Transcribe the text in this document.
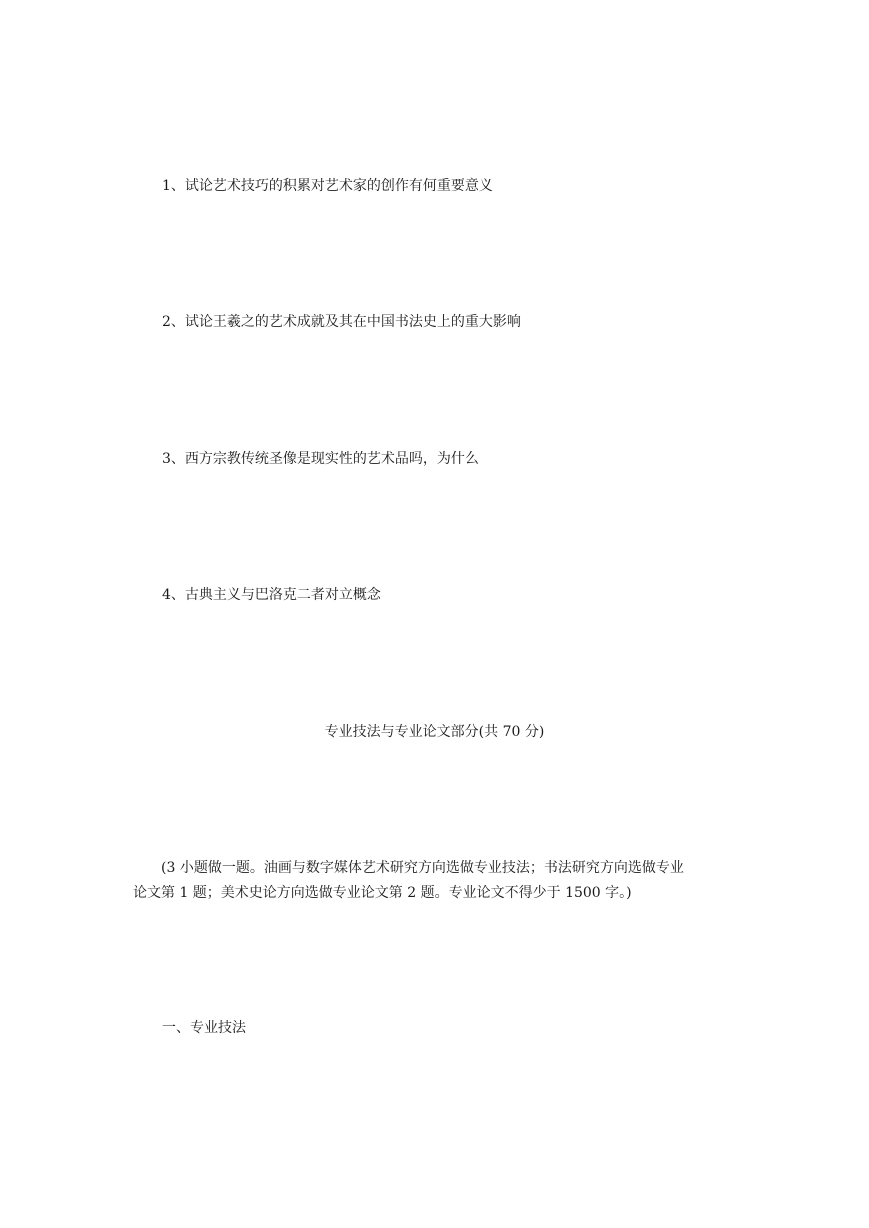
1、试论艺术技巧的积累对艺术家的创作有何重要意义
2、试论王羲之的艺术成就及其在中国书法史上的重大影响
3、西方宗教传统圣像是现实性的艺术品吗，为什么
4、古典主义与巴洛克二者对立概念
专业技法与专业论文部分(共 70 分)
(3 小题做一题。油画与数字媒体艺术研究方向选做专业技法；书法研究方向选做专业
论文第 1 题；美术史论方向选做专业论文第 2 题。专业论文不得少于 1500 字。)
一、专业技法
